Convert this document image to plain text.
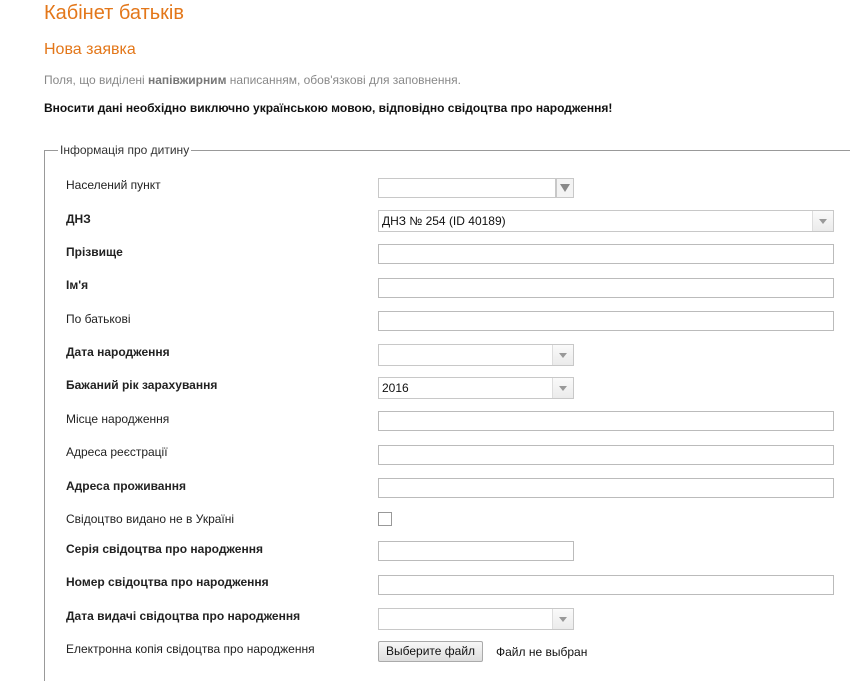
Кабінет батьків
Нова заявка
Поля, що виділені напівжирним написанням, обов'язкові для заповнення.
Вносити дані необхідно виключно українською мовою, відповідно свідоцтва про народження!
Інформація про дитину
Населений пункт
ДНЗ	ДНЗ № 254 (ID 40189)
Прізвище
Ім'я
По батькові
Дата народження
Бажаний рік зарахування	2016
Місце народження
Адреса реєстрації
Адреса проживання
Свідоцтво видано не в Україні
Серія свідоцтва про народження
Номер свідоцтва про народження
Дата видачі свідоцтва про народження
Електронна копія свідоцтва про народження	Выберите файл	Файл не выбран
